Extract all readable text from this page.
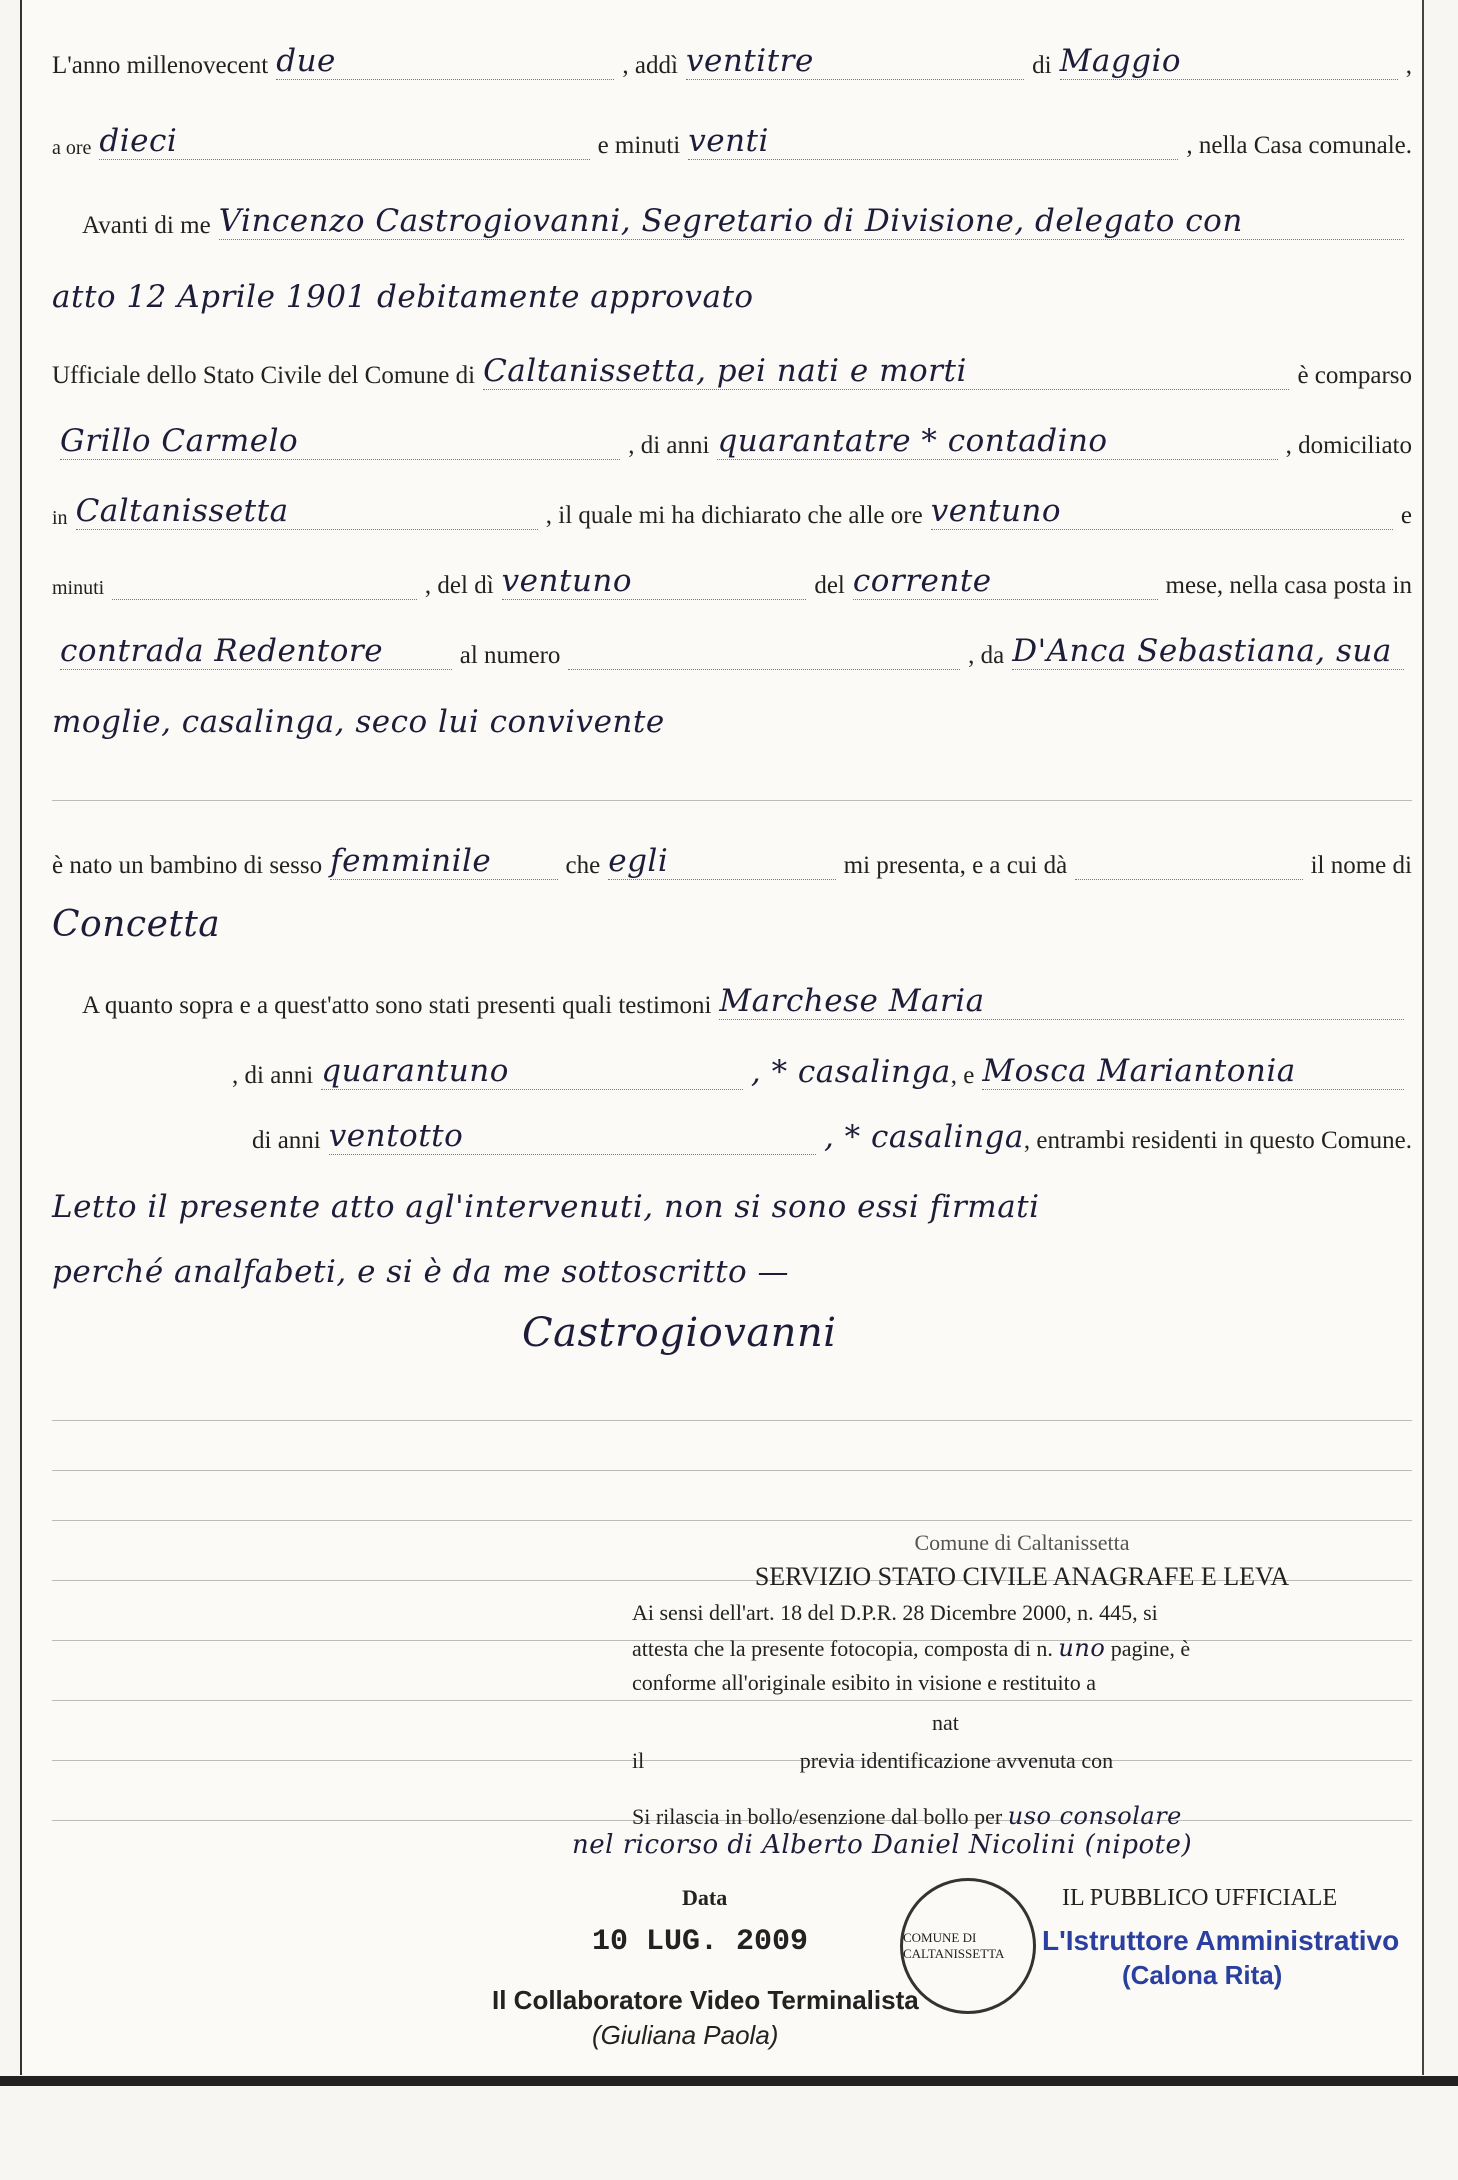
L'anno millenovecent due	, addì ventitre	di Maggio	,
a ore dieci	e minuti venti	, nella Casa comunale.
Avanti di me Vincenzo Castrogiovanni, Segretario di Divisione, delegato con
atto 12 Aprile 1901 debitamente approvato
Ufficiale dello Stato Civile del Comune di Caltanissetta, pei nati e morti	è comparso
Grillo Carmelo	, di anni quarantatre * contadino	, domiciliato
in Caltanissetta	, il quale mi ha dichiarato che alle ore ventuno	e
minuti	, del dì ventuno	del corrente	mese, nella casa posta in
contrada Redentore	al numero	, da D'Anca Sebastiana, sua
moglie, casalinga, seco lui convivente
è nato un bambino di sesso femminile	che egli	mi presenta, e a cui dà	il nome di
Concetta
A quanto sopra e a quest'atto sono stati presenti quali testimoni Marchese Maria
, di anni quarantuno	, * casalinga , e Mosca Mariantonia
di anni ventotto	, * casalinga , entrambi residenti in questo Comune.
Letto il presente atto agl'intervenuti, non si sono essi firmati
perché analfabeti, e si è da me sottoscritto —
Castrogiovanni
Comune di Caltanissetta
SERVIZIO STATO CIVILE ANAGRAFE E LEVA
Ai sensi dell'art. 18 del D.P.R. 28 Dicembre 2000, n. 445, si
attesta che la presente fotocopia, composta di n. uno pagine, è
conforme all'originale esibito in visione e restituito a
nat
il	previa identificazione avvenuta con
Si rilascia in bollo/esenzione dal bollo per uso consolare
nel ricorso di Alberto Daniel Nicolini (nipote)
Data
10 LUG. 2009	COMUNE DI CALTANISSETTA
IL PUBBLICO UFFICIALE
L'Istruttore Amministrativo
(Calona Rita)
Il Collaboratore Video Terminalista
(Giuliana Paola)
